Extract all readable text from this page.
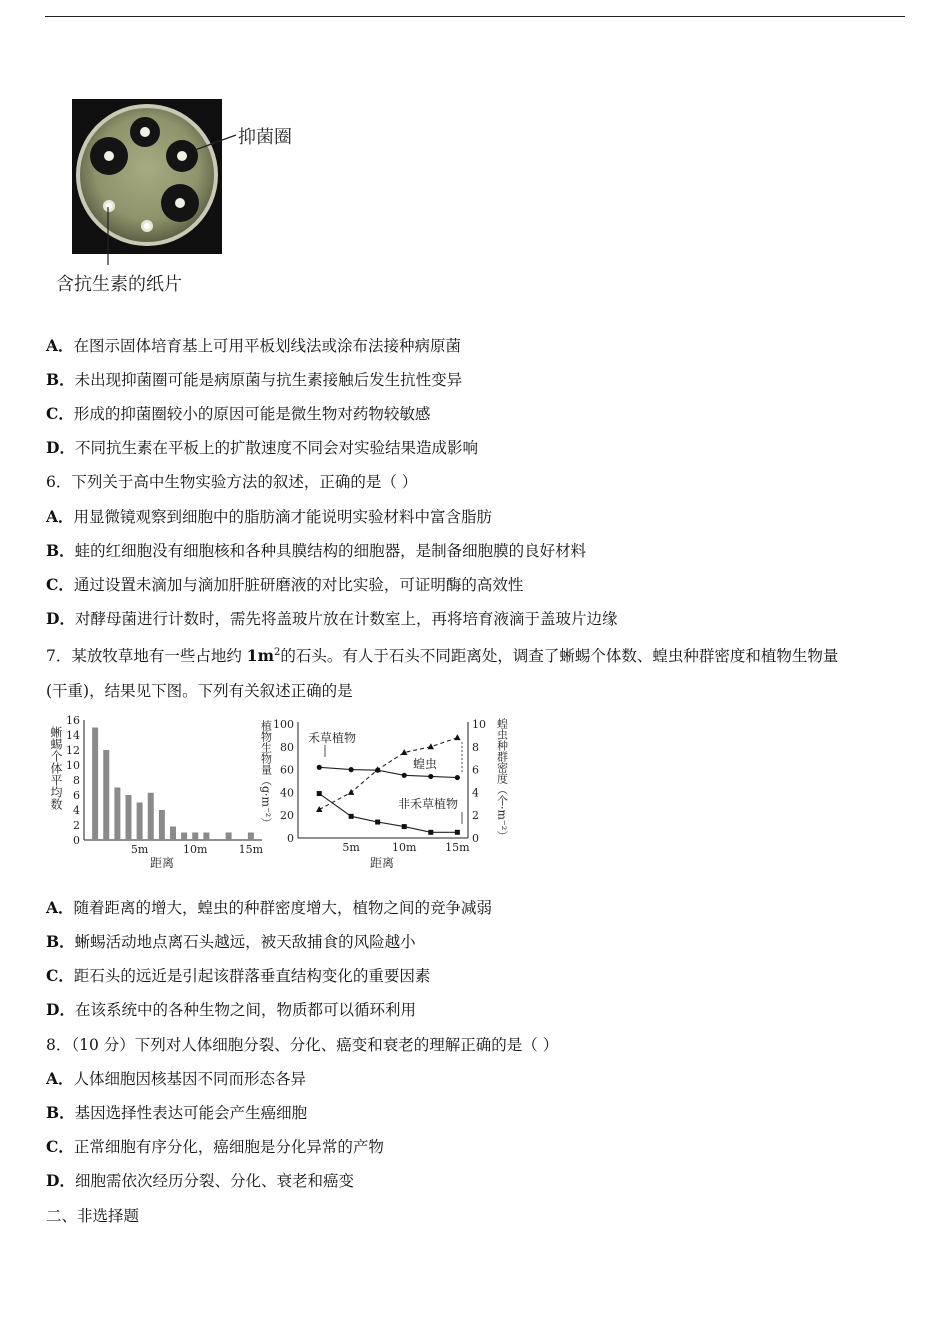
抑菌圈
含抗生素的纸片
A．在图示固体培育基上可用平板划线法或涂布法接种病原菌
B．未出现抑菌圈可能是病原菌与抗生素接触后发生抗性变异
C．形成的抑菌圈较小的原因可能是微生物对药物较敏感
D．不同抗生素在平板上的扩散速度不同会对实验结果造成影响
6．下列关于高中生物实验方法的叙述，正确的是（ ）
A．用显微镜观察到细胞中的脂肪滴才能说明实验材料中富含脂肪
B．蛙的红细胞没有细胞核和各种具膜结构的细胞器，是制备细胞膜的良好材料
C．通过设置未滴加与滴加肝脏研磨液的对比实验，可证明酶的高效性
D．对酵母菌进行计数时，需先将盖玻片放在计数室上，再将培育液滴于盖玻片边缘
7．某放牧草地有一些占地约 $1m^2$的石头。有人于石头不同距离处，调查了蜥蜴个体数、蝗虫种群密度和植物生物量
(干重)，结果见下图。下列有关叙述正确的是
蜥蜴个体平均数
0
2
4
6
8
10
12
14
16
5m	10m	15m
距离
植物生物量（g·m⁻²）	蝗虫种群密度（个·m⁻²）
0
20
40
60
80
100
0
2
4
6
8
10
5m	10m	15m
禾草植物
蝗虫
非禾草植物
距离
A．随着距离的增大，蝗虫的种群密度增大，植物之间的竞争减弱
B．蜥蜴活动地点离石头越远，被天敌捕食的风险越小
C．距石头的远近是引起该群落垂直结构变化的重要因素
D．在该系统中的各种生物之间，物质都可以循环利用
8．（10 分）下列对人体细胞分裂、分化、癌变和衰老的理解正确的是（ ）
A．人体细胞因核基因不同而形态各异
B．基因选择性表达可能会产生癌细胞
C．正常细胞有序分化，癌细胞是分化异常的产物
D．细胞需依次经历分裂、分化、衰老和癌变
二、非选择题
